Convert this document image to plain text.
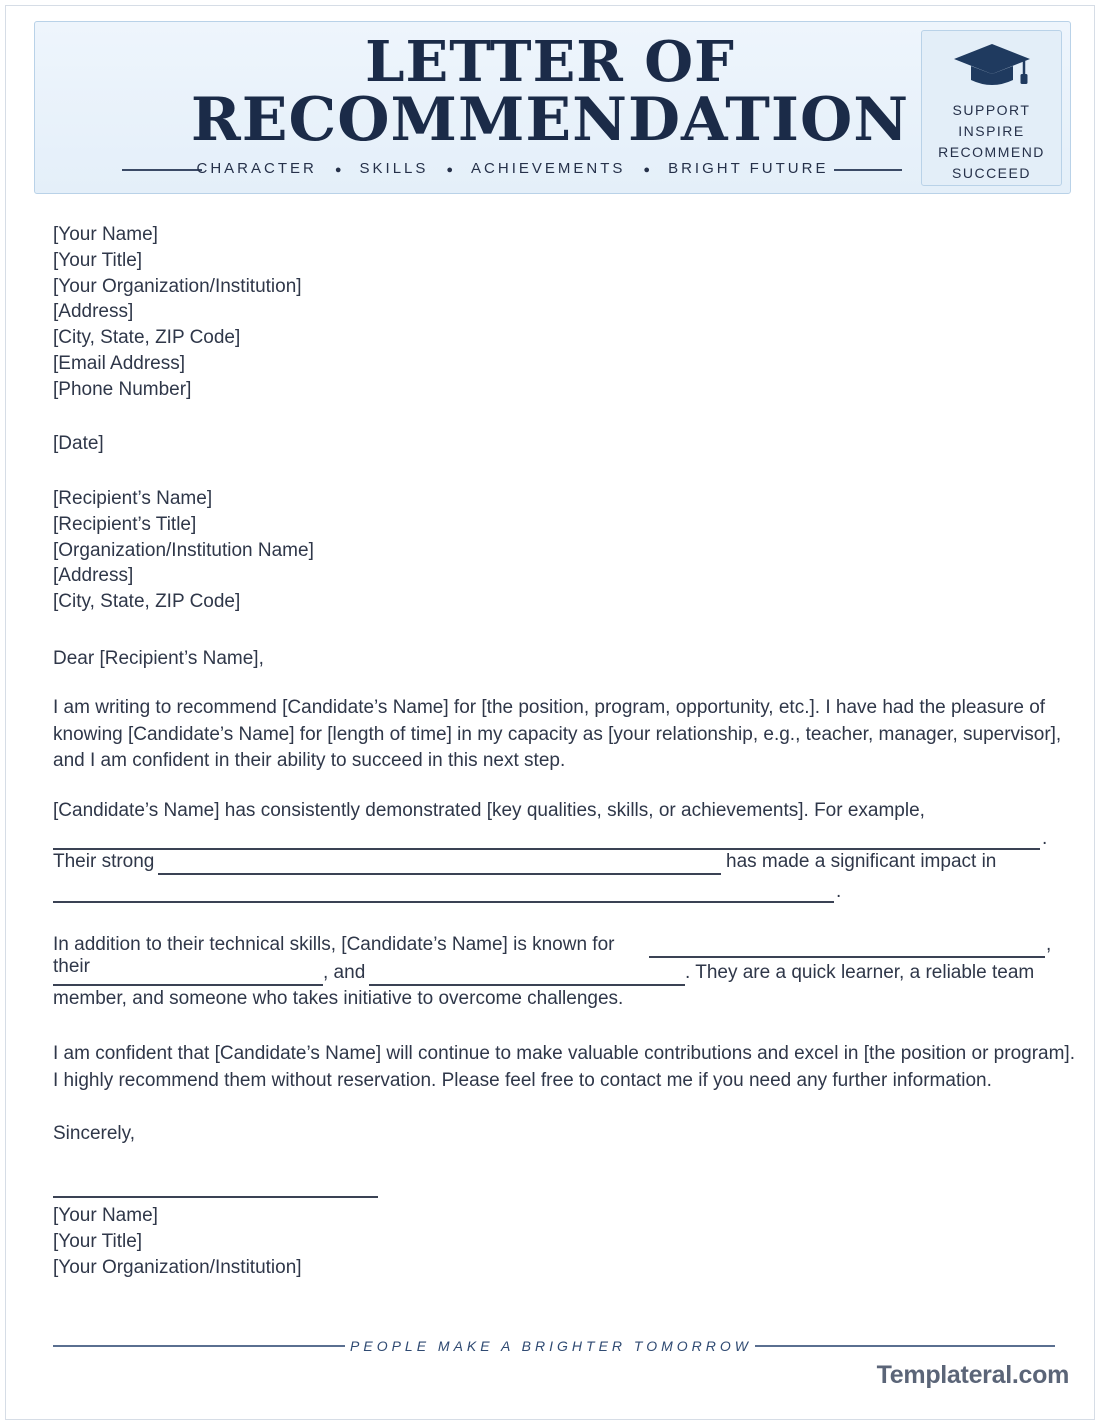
LETTER OF
RECOMMENDATION
CHARACTER ● SKILLS ● ACHIEVEMENTS ● BRIGHT FUTURE
SUPPORT
INSPIRE
RECOMMEND
SUCCEED
[Your Name]
[Your Title]
[Your Organization/Institution]
[Address]
[City, State, ZIP Code]
[Email Address]
[Phone Number]
[Date]
[Recipient’s Name]
[Recipient’s Title]
[Organization/Institution Name]
[Address]
[City, State, ZIP Code]
Dear [Recipient’s Name],
I am writing to recommend [Candidate’s Name] for [the position, program, opportunity, etc.]. I have had the pleasure of
knowing [Candidate’s Name] for [length of time] in my capacity as [your relationship, e.g., teacher, manager, supervisor],
and I am confident in their ability to succeed in this next step.
[Candidate’s Name] has consistently demonstrated [key qualities, skills, or achievements]. For example,
.
Their strong	has made a significant impact in
.
In addition to their technical skills, [Candidate’s Name] is known for their
,
, and	. They are a quick learner, a reliable team
member, and someone who takes initiative to overcome challenges.
I am confident that [Candidate’s Name] will continue to make valuable contributions and excel in [the position or program].
I highly recommend them without reservation. Please feel free to contact me if you need any further information.
Sincerely,
[Your Name]
[Your Title]
[Your Organization/Institution]
PEOPLE MAKE A BRIGHTER TOMORROW
Templateral.com
